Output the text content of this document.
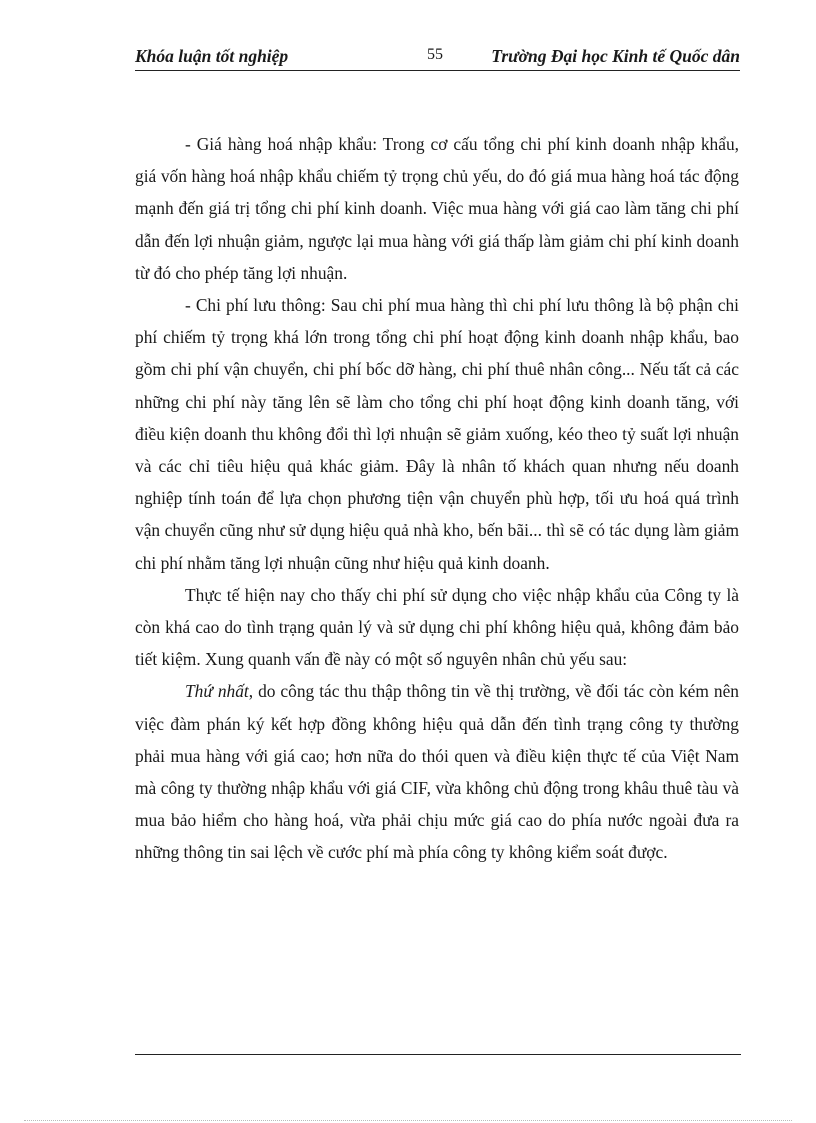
Khóa luận tốt nghiệp	55	Trường Đại học Kinh tế Quốc dân

- Giá hàng hoá nhập khẩu: Trong cơ cấu tổng chi phí kinh doanh nhập khẩu, giá vốn hàng hoá nhập khẩu chiếm tỷ trọng chủ yếu, do đó giá mua hàng hoá tác động mạnh đến giá trị tổng chi phí kinh doanh. Việc mua hàng với giá cao làm tăng chi phí dẫn đến lợi nhuận giảm, ngược lại mua hàng với giá thấp làm giảm chi phí kinh doanh từ đó cho phép tăng lợi nhuận.

- Chi phí lưu thông: Sau chi phí mua hàng thì chi phí lưu thông là bộ phận chi phí chiếm tỷ trọng khá lớn trong tổng chi phí hoạt động kinh doanh nhập khẩu, bao gồm chi phí vận chuyển, chi phí bốc dỡ hàng, chi phí thuê nhân công... Nếu tất cả các những chi phí này tăng lên sẽ làm cho tổng chi phí hoạt động kinh doanh tăng, với điều kiện doanh thu không đổi thì lợi nhuận sẽ giảm xuống, kéo theo tỷ suất lợi nhuận và các chỉ tiêu hiệu quả khác giảm. Đây là nhân tố khách quan nhưng nếu doanh nghiệp tính toán để lựa chọn phương tiện vận chuyển phù hợp, tối ưu hoá quá trình vận chuyển cũng như sử dụng hiệu quả nhà kho, bến bãi... thì sẽ có tác dụng làm giảm chi phí nhằm tăng lợi nhuận cũng như hiệu quả kinh doanh.

Thực tế hiện nay cho thấy chi phí sử dụng cho việc nhập khẩu của Công ty là còn khá cao do tình trạng quản lý và sử dụng chi phí không hiệu quả, không đảm bảo tiết kiệm. Xung quanh vấn đề này có một số nguyên nhân chủ yếu sau:

Thứ nhất, do công tác thu thập thông tin về thị trường, về đối tác còn kém nên việc đàm phán ký kết hợp đồng không hiệu quả dẫn đến tình trạng công ty thường phải mua hàng với giá cao; hơn nữa do thói quen và điều kiện thực tế của Việt Nam mà công ty thường nhập khẩu với giá CIF, vừa không chủ động trong khâu thuê tàu và mua bảo hiểm cho hàng hoá, vừa phải chịu mức giá cao do phía nước ngoài đưa ra những thông tin sai lệch về cước phí mà phía công ty không kiểm soát được.
